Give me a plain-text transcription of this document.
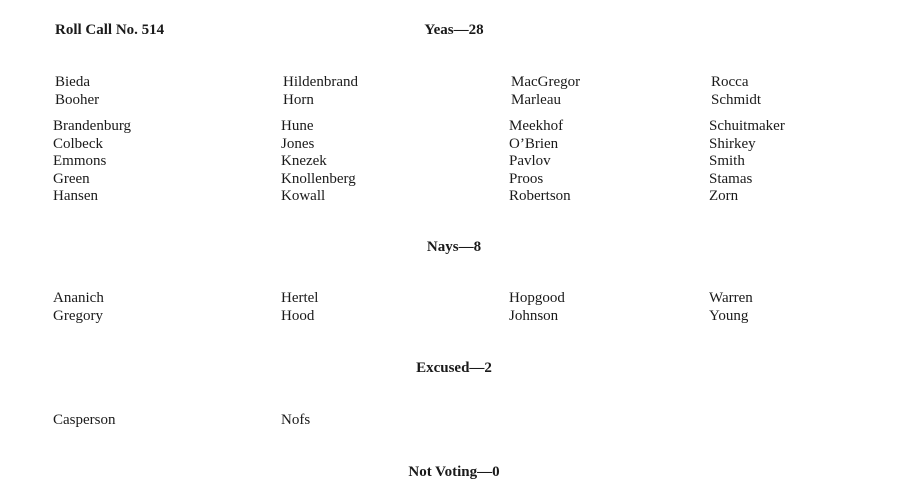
Roll Call No. 514	Yeas—28
Bieda
Booher
Hildenbrand
Horn
MacGregor
Marleau
Rocca
Schmidt
Brandenburg
Colbeck
Emmons
Green
Hansen
Hune
Jones
Knezek
Knollenberg
Kowall
Meekhof
O’Brien
Pavlov
Proos
Robertson
Schuitmaker
Shirkey
Smith
Stamas
Zorn
Nays—8
Ananich
Gregory
Hertel
Hood
Hopgood
Johnson
Warren
Young
Excused—2
Casperson	Nofs
Not Voting—0
